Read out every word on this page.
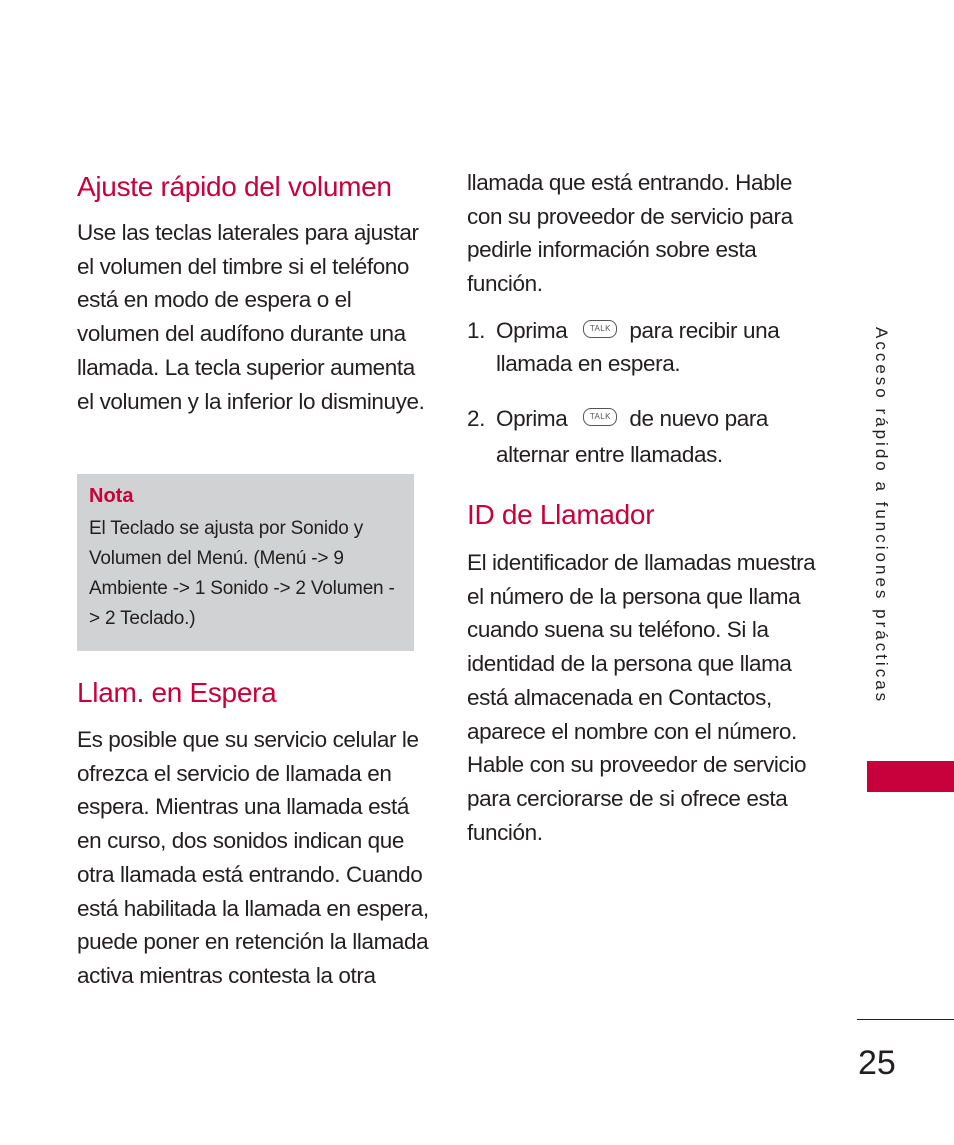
Ajuste rápido del volumen

Use las teclas laterales para ajustar el volumen del timbre si el teléfono está en modo de espera o el volumen del audífono durante una llamada. La tecla superior aumenta el volumen y la inferior lo disminuye.

Nota

El Teclado se ajusta por Sonido y Volumen del Menú. (Menú -> 9 Ambiente -> 1 Sonido -> 2 Volumen -> 2 Teclado.)

Llam. en Espera

Es posible que su servicio celular le ofrezca el servicio de llamada en espera. Mientras una llamada está en curso, dos sonidos indican que otra llamada está entrando. Cuando está habilitada la llamada en espera, puede poner en retención la llamada activa mientras contesta la otra

llamada que está entrando. Hable con su proveedor de servicio para pedirle información sobre esta función.

1. Oprima	TALK para recibir una llamada en espera.
2. Oprima	TALK de nuevo para alternar entre llamadas.
ID de Llamador

El identificador de llamadas muestra el número de la persona que llama cuando suena su teléfono. Si la identidad de la persona que llama está almacenada en Contactos, aparece el nombre con el número. Hable con su proveedor de servicio para cerciorarse de si ofrece esta función.

Acceso rápido a funciones prácticas
25
